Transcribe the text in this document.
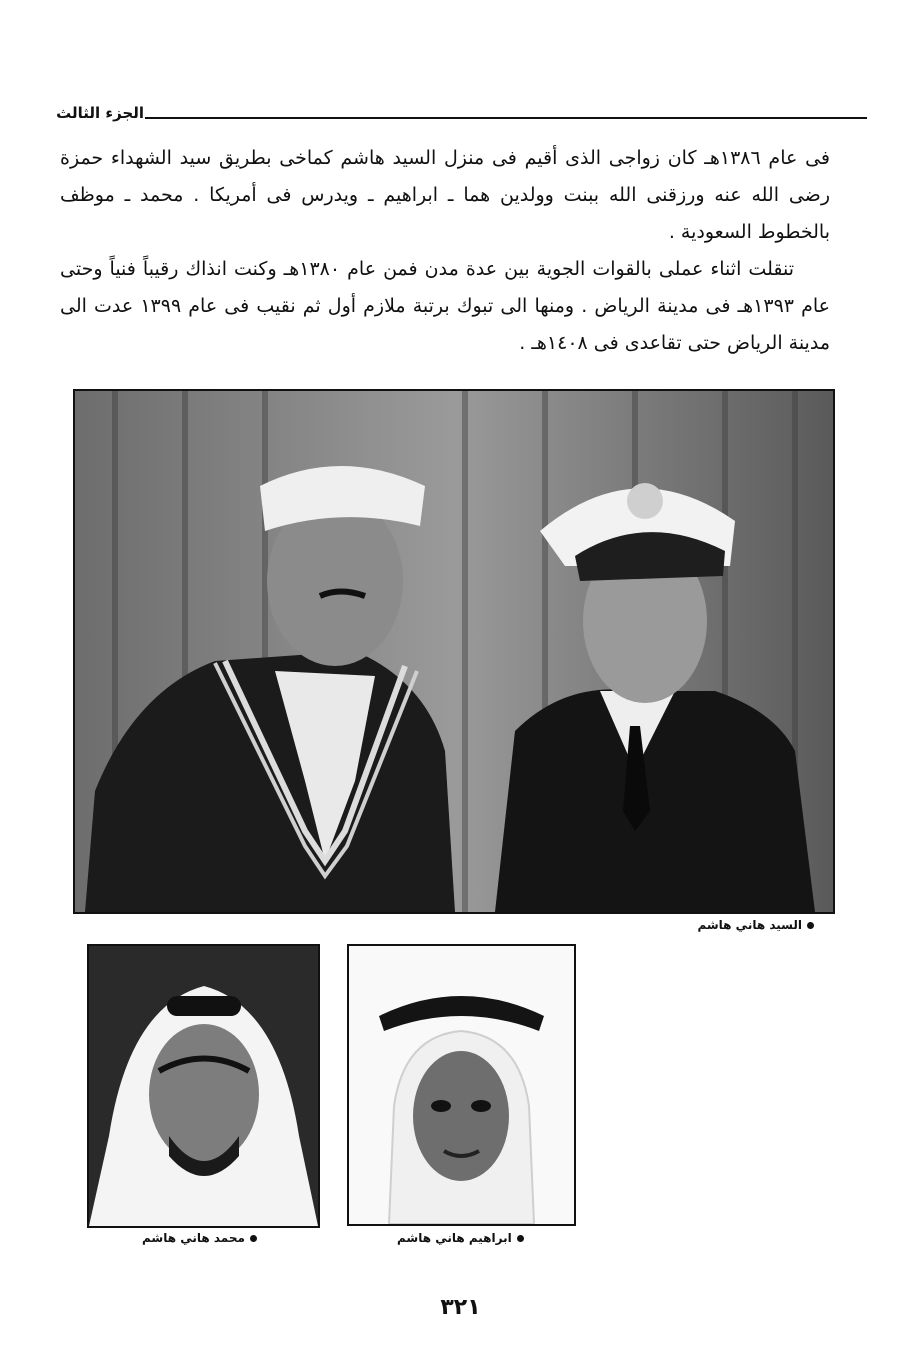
الجزء الثالث

فى عام ١٣٨٦هـ كان زواجى الذى أقيم فى منزل السيد هاشم كماخى بطريق سيد الشهداء حمزة رضى الله عنه ورزقنى الله ببنت وولدين هما ـ ابراهيم ـ ويدرس فى أمريكا . محمد ـ موظف بالخطوط السعودية .

تنقلت اثناء عملى بالقوات الجوية بين عدة مدن فمن عام ١٣٨٠هـ وكنت انذاك رقيباً فنياً وحتى عام ١٣٩٣هـ فى مدينة الرياض . ومنها الى تبوك برتبة ملازم أول ثم نقيب فى عام ١٣٩٩ عدت الى مدينة الرياض حتى تقاعدى فى ١٤٠٨هـ .

السيد هاني هاشم
محمد هاني هاشم	ابراهيم هاني هاشم
٣٢١
